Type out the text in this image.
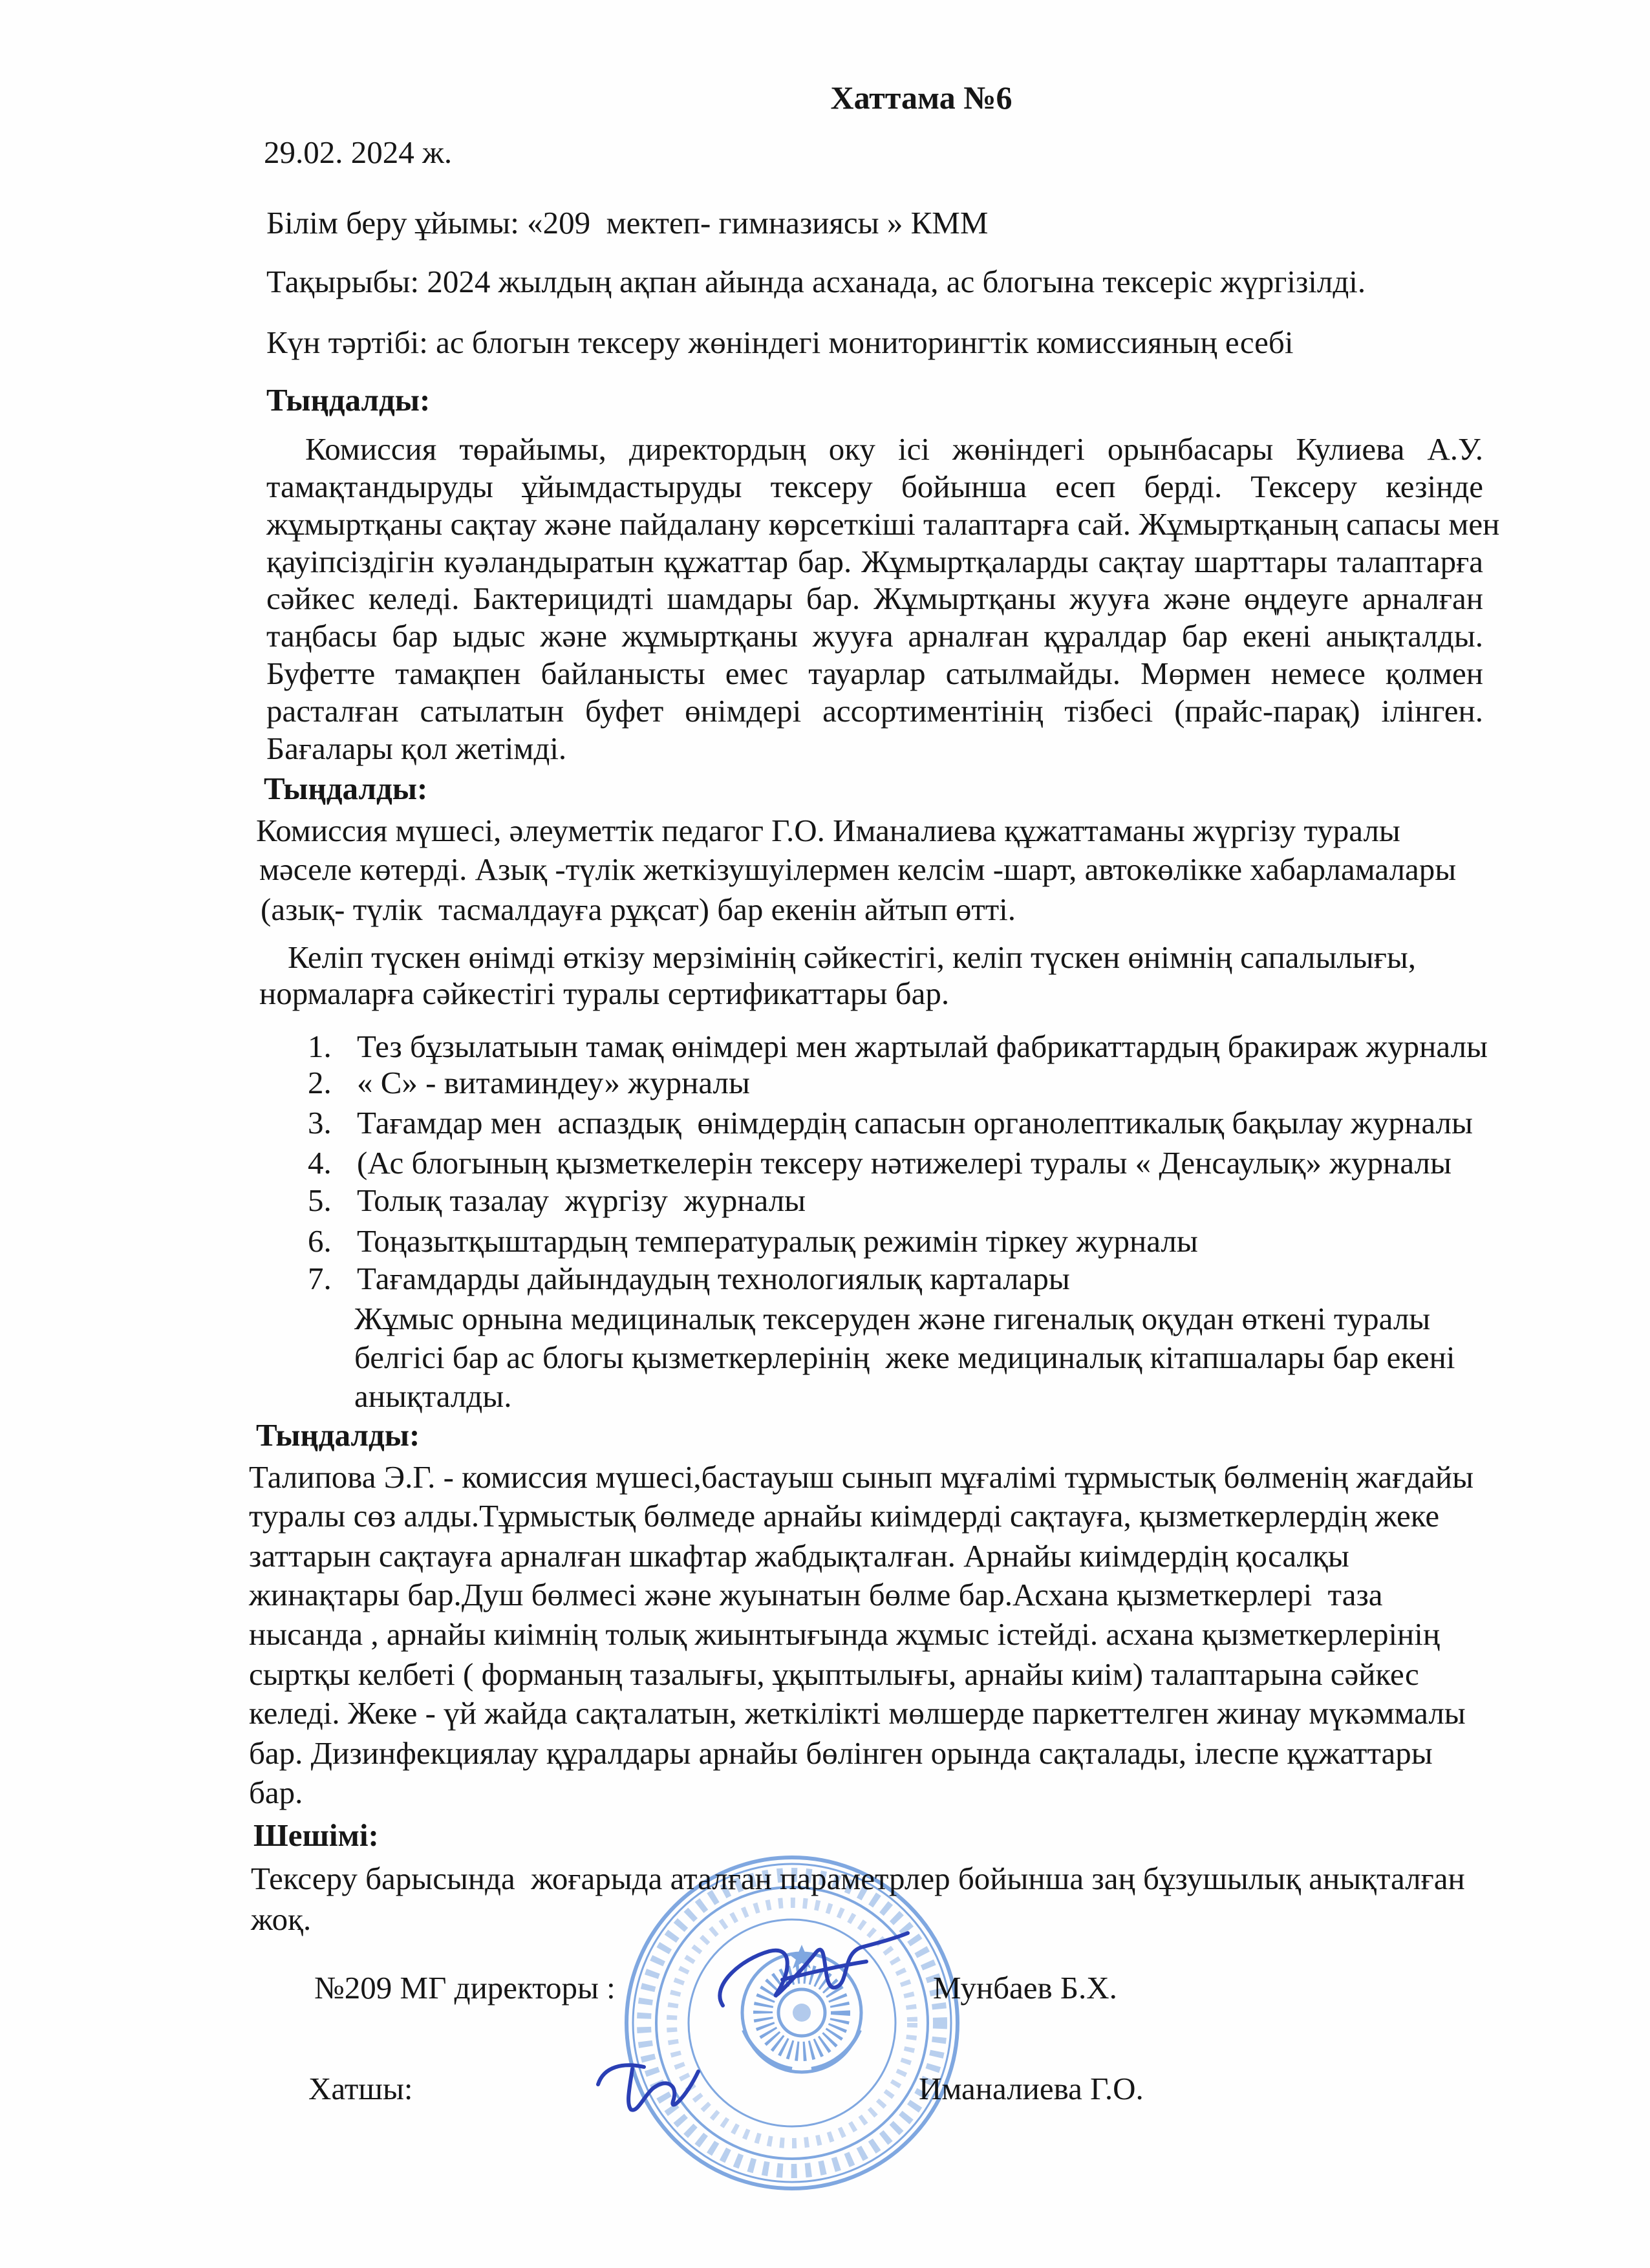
Хаттама №6
29.02. 2024 ж.
Білім беру ұйымы: «209  мектеп- гимназиясы » КММ
Тақырыбы: 2024 жылдың ақпан айында асханада, ас блогына тексеріс жүргізілді.
Күн тәртібі: ас блогын тексеру жөніндегі мониторингтік комиссияның есебі
Тыңдалды:
Комиссия төрайымы, директордың оку ісі жөніндегі орынбасары Кулиева А.У.
тамақтандыруды ұйымдастыруды тексеру бойынша есеп берді. Тексеру кезінде
жұмыртқаны сақтау және пайдалану көрсеткіші талаптарға сай. Жұмыртқаның сапасы мен
қауіпсіздігін куәландыратын құжаттар бар. Жұмыртқаларды сақтау шарттары талаптарға
сәйкес келеді. Бактерицидті шамдары бар. Жұмыртқаны жууға және өңдеуге арналған
таңбасы бар ыдыс және жұмыртқаны жууға арналған құралдар бар екені анықталды.
Буфетте тамақпен байланысты емес тауарлар сатылмайды. Мөрмен немесе қолмен
расталған сатылатын буфет өнімдері ассортиментінің тізбесі (прайс-парақ) ілінген.
Бағалары қол жетімді.
Тыңдалды:
Комиссия мүшесі, әлеуметтік педагог Г.О. Иманалиева құжаттаманы жүргізу туралы
мәселе көтерді. Азық -түлік жеткізушуілермен келсім -шарт, автокөлікке хабарламалары
(азық- түлік  тасмалдауға рұқсат) бар екенін айтып өтті.
Келіп түскен өнімді өткізу мерзімінің сәйкестігі, келіп түскен өнімнің сапалылығы,
нормаларға сәйкестігі туралы сертификаттары бар.
1. Тез бұзылатыын тамақ өнімдері мен жартылай фабрикаттардың бракираж журналы
2. « С» - витаминдеу» журналы
3. Тағамдар мен  аспаздық  өнімдердің сапасын органолептикалық бақылау журналы
4. (Ас блогының қызметкелерін тексеру нәтижелері туралы « Денсаулық» журналы
5. Толық тазалау  жүргізу  журналы
6. Тоңазытқыштардың температуралық режимін тіркеу журналы
7. Тағамдарды дайындаудың технологиялық карталары
Жұмыс орнына медициналық тексеруден және гигеналық оқудан өткені туралы
белгісі бар ас блогы қызметкерлерінің  жеке медициналық кітапшалары бар екені
анықталды.
Тыңдалды:
Талипова Э.Г. - комиссия мүшесі,бастауыш сынып мұғалімі тұрмыстық бөлменің жағдайы
туралы сөз алды.Тұрмыстық бөлмеде арнайы киімдерді сақтауға, қызметкерлердің жеке
заттарын сақтауға арналған шкафтар жабдықталған. Арнайы киімдердің қосалқы
жинақтары бар.Душ бөлмесі және жуынатын бөлме бар.Асхана қызметкерлері  таза
нысанда , арнайы киімнің толық жиынтығында жұмыс істейді. асхана қызметкерлерінің
сыртқы келбеті ( форманың тазалығы, ұқыптылығы, арнайы киім) талаптарына сәйкес
келеді. Жеке - үй жайда сақталатын, жеткілікті мөлшерде паркеттелген жинау мүкәммалы
бар. Дизинфекциялау құралдары арнайы бөлінген орында сақталады, ілеспе құжаттары
бар.
Шешімі:
Тексеру барысында  жоғарыда аталған параметрлер бойынша заң бұзушылық анықталған
жоқ.
№209 МГ директоры :	Мунбаев Б.Х.
Хатшы:	Иманалиева Г.О.
